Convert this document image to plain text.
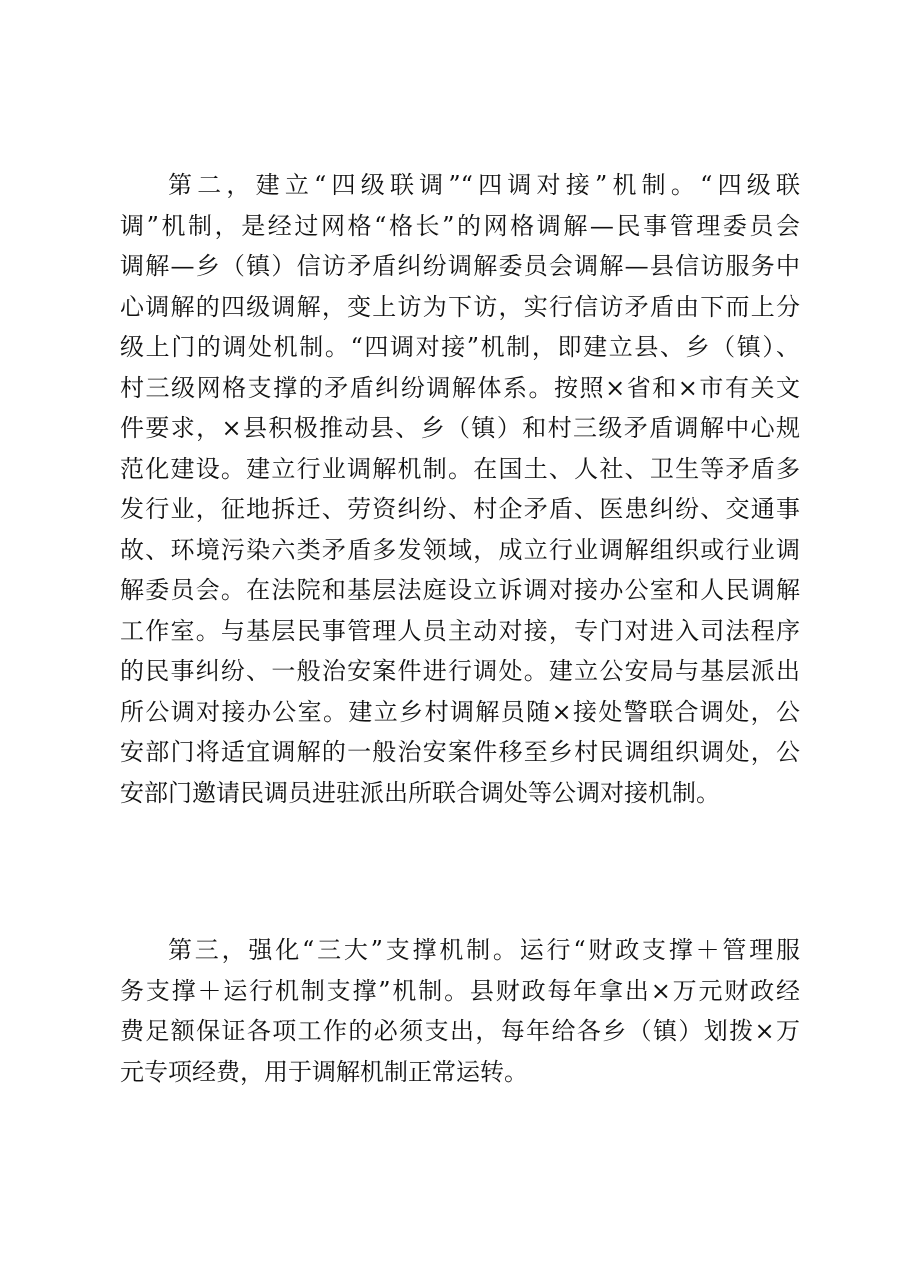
第二，建立“四级联调”“四调对接”机制。“四级联
调”机制，是经过网格“格长”的网格调解—民事管理委员会
调解—乡（镇）信访矛盾纠纷调解委员会调解—县信访服务中
心调解的四级调解，变上访为下访，实行信访矛盾由下而上分
级上门的调处机制。“四调对接”机制，即建立县、乡（镇）、
村三级网格支撑的矛盾纠纷调解体系。按照×省和×市有关文
件要求，×县积极推动县、乡（镇）和村三级矛盾调解中心规
范化建设。建立行业调解机制。在国土、人社、卫生等矛盾多
发行业，征地拆迁、劳资纠纷、村企矛盾、医患纠纷、交通事
故、环境污染六类矛盾多发领域，成立行业调解组织或行业调
解委员会。在法院和基层法庭设立诉调对接办公室和人民调解
工作室。与基层民事管理人员主动对接，专门对进入司法程序
的民事纠纷、一般治安案件进行调处。建立公安局与基层派出
所公调对接办公室。建立乡村调解员随×接处警联合调处，公
安部门将适宜调解的一般治安案件移至乡村民调组织调处，公
安部门邀请民调员进驻派出所联合调处等公调对接机制。
第三，强化“三大”支撑机制。运行“财政支撑＋管理服
务支撑＋运行机制支撑”机制。县财政每年拿出×万元财政经
费足额保证各项工作的必须支出，每年给各乡（镇）划拨×万
元专项经费，用于调解机制正常运转。
